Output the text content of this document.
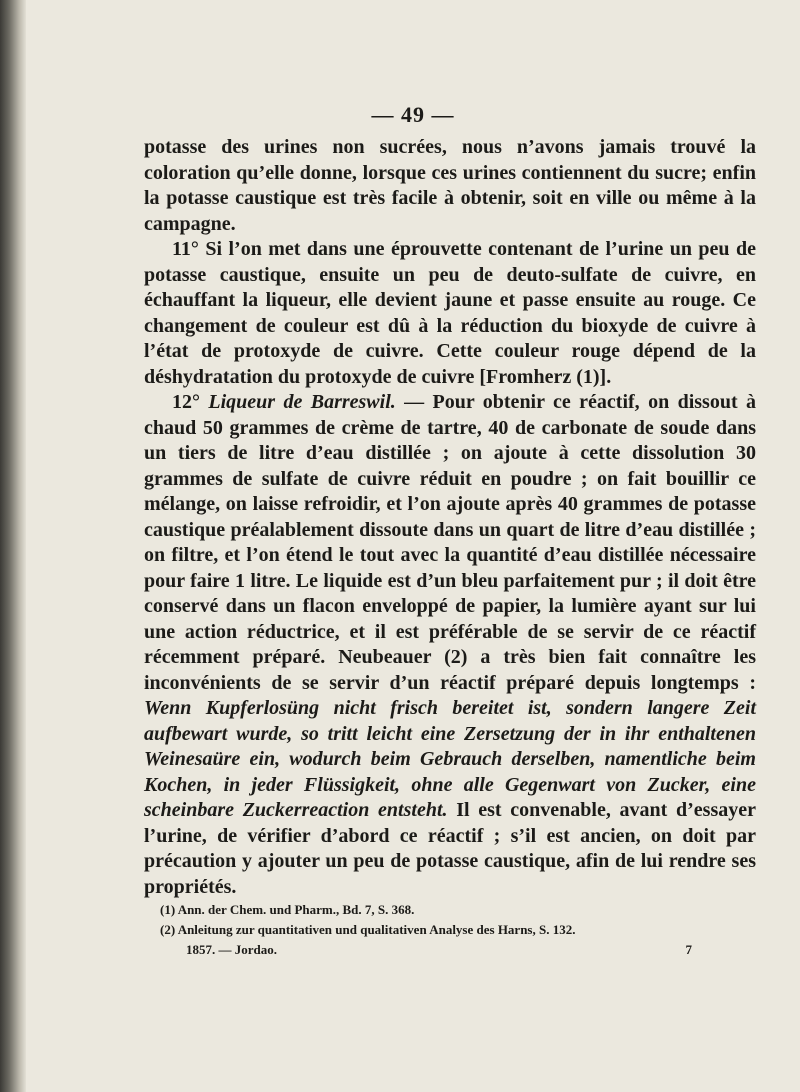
— 49 —

potasse des urines non sucrées, nous n’avons jamais trouvé la coloration qu’elle donne, lorsque ces urines contiennent du sucre; enfin la potasse caustique est très facile à obtenir, soit en ville ou même à la campagne.

11° Si l’on met dans une éprouvette contenant de l’urine un peu de potasse caustique, ensuite un peu de deuto-sulfate de cuivre, en échauffant la liqueur, elle devient jaune et passe ensuite au rouge. Ce changement de couleur est dû à la réduction du bioxyde de cuivre à l’état de protoxyde de cuivre. Cette couleur rouge dépend de la déshydratation du protoxyde de cuivre [Fromherz (1)].

12° Liqueur de Barreswil. — Pour obtenir ce réactif, on dissout à chaud 50 grammes de crème de tartre, 40 de carbonate de soude dans un tiers de litre d’eau distillée ; on ajoute à cette dissolution 30 grammes de sulfate de cuivre réduit en poudre ; on fait bouillir ce mélange, on laisse refroidir, et l’on ajoute après 40 grammes de potasse caustique préalablement dissoute dans un quart de litre d’eau distillée ; on filtre, et l’on étend le tout avec la quantité d’eau distillée nécessaire pour faire 1 litre. Le liquide est d’un bleu parfaitement pur ; il doit être conservé dans un flacon enveloppé de papier, la lumière ayant sur lui une action réductrice, et il est préférable de se servir de ce réactif récemment préparé. Neubeauer (2) a très bien fait connaître les inconvénients de se servir d’un réactif préparé depuis longtemps : Wenn Kupferlosüng nicht frisch bereitet ist, sondern langere Zeit aufbewart wurde, so tritt leicht eine Zersetzung der in ihr enthaltenen Weinesaüre ein, wodurch beim Gebrauch derselben, namentliche beim Kochen, in jeder Flüssigkeit, ohne alle Gegenwart von Zucker, eine scheinbare Zuckerreaction entsteht. Il est convenable, avant d’essayer l’urine, de vérifier d’abord ce réactif ; s’il est ancien, on doit par précaution y ajouter un peu de potasse caustique, afin de lui rendre ses propriétés.

(1) Ann. der Chem. und Pharm., Bd. 7, S. 368.
(2) Anleitung zur quantitativen und qualitativen Analyse des Harns, S. 132.
1857. — Jordao.	7
